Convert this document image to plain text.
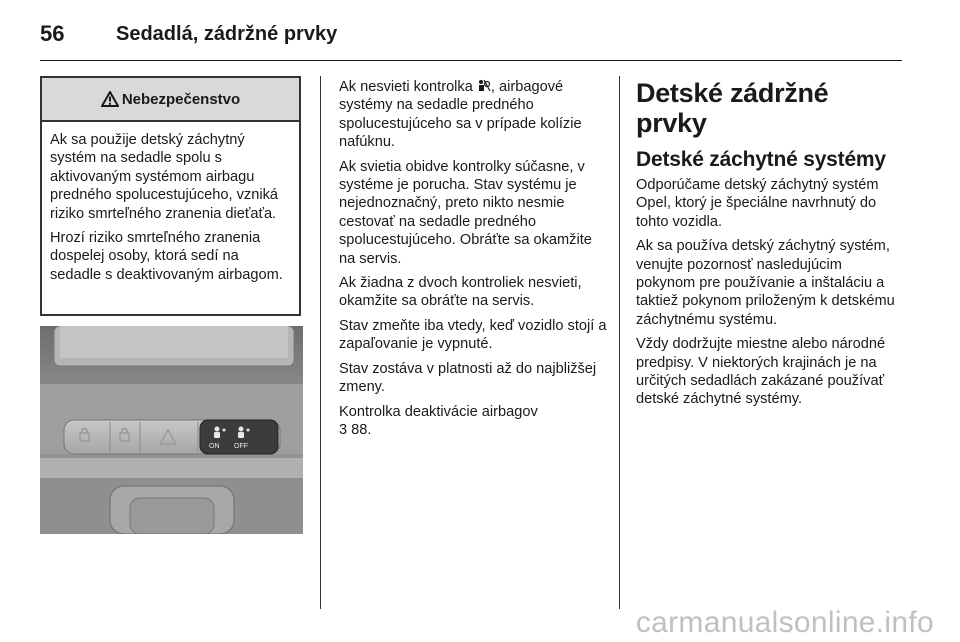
56	Sedadlá, zádržné prvky
Nebezpečenstvo

Ak sa použije detský záchytný systém na sedadle spolu s aktivovaným systémom airbagu predného spolucestujúceho, vzniká riziko smrteľného zranenia dieťaťa.

Hrozí riziko smrteľného zranenia dospelej osoby, ktorá sedí na sedadle s deaktivovaným airbagom.

ON OFF

Ak nesvieti kontrolka , airbagové systémy na sedadle predného spolucestujúceho sa v prípade kolízie nafúknu.

Ak svietia obidve kontrolky súčasne, v systéme je porucha. Stav systému je nejednoznačný, preto nikto nesmie cestovať na sedadle predného spolucestujúceho. Obráťte sa okamžite na servis.

Ak žiadna z dvoch kontroliek nesvieti, okamžite sa obráťte na servis.

Stav zmeňte iba vtedy, keď vozidlo stojí a zapaľovanie je vypnuté.

Stav zostáva v platnosti až do najbližšej zmeny.

Kontrolka deaktivácie airbagov
3 88.

Detské zádržné prvky
Detské záchytné systémy

Odporúčame detský záchytný systém Opel, ktorý je špeciálne navrhnutý do tohto vozidla.

Ak sa používa detský záchytný systém, venujte pozornosť nasledujúcim pokynom pre používanie a inštaláciu a taktiež pokynom priloženým k detskému záchytnému systému.

Vždy dodržujte miestne alebo národné predpisy. V niektorých krajinách je na určitých sedadlách zakázané používať detské záchytné systémy.

carmanualsonline.info
